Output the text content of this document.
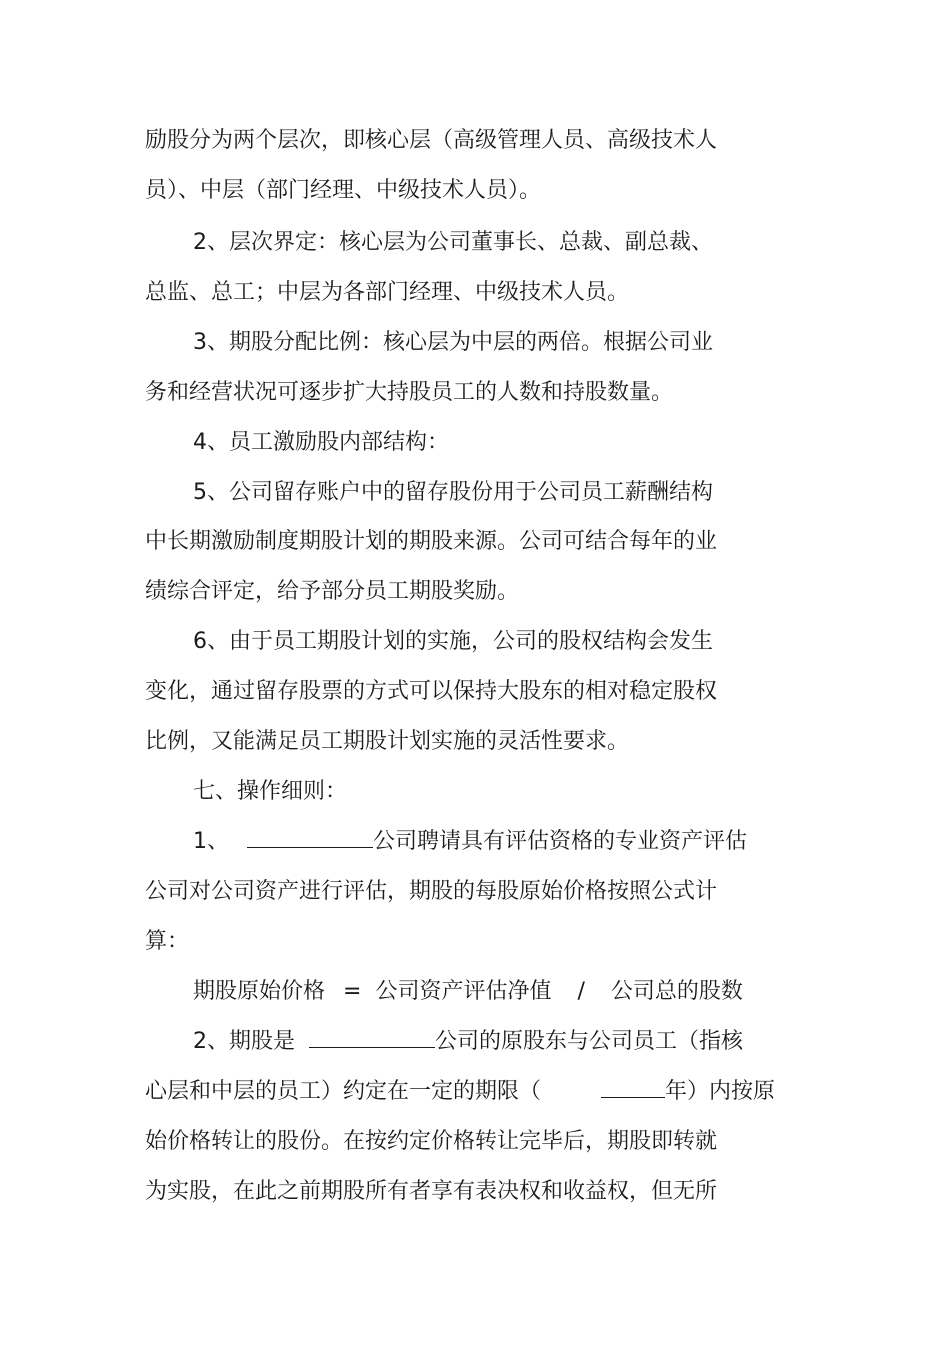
励股分为两个层次，即核心层（高级管理人员、高级技术人
员）、中层（部门经理、中级技术人员）。
2、层次界定：核心层为公司董事长、总裁、副总裁、
总监、总工；中层为各部门经理、中级技术人员。
3、期股分配比例：核心层为中层的两倍。根据公司业
务和经营状况可逐步扩大持股员工的人数和持股数量。
4、员工激励股内部结构：
5、公司留存账户中的留存股份用于公司员工薪酬结构
中长期激励制度期股计划的期股来源。公司可结合每年的业
绩综合评定，给予部分员工期股奖励。
6、由于员工期股计划的实施，公司的股权结构会发生
变化，通过留存股票的方式可以保持大股东的相对稳定股权
比例，又能满足员工期股计划实施的灵活性要求。
七、操作细则：
1、	公司聘请具有评估资格的专业资产评估
公司对公司资产进行评估，期股的每股原始价格按照公式计
算：
期股原始价格 = 公司资产评估净值 / 公司总的股数
2、期股是	公司的原股东与公司员工（指核
心层和中层的员工）约定在一定的期限（	年）内按原
始价格转让的股份。在按约定价格转让完毕后，期股即转就
为实股，在此之前期股所有者享有表决权和收益权，但无所
